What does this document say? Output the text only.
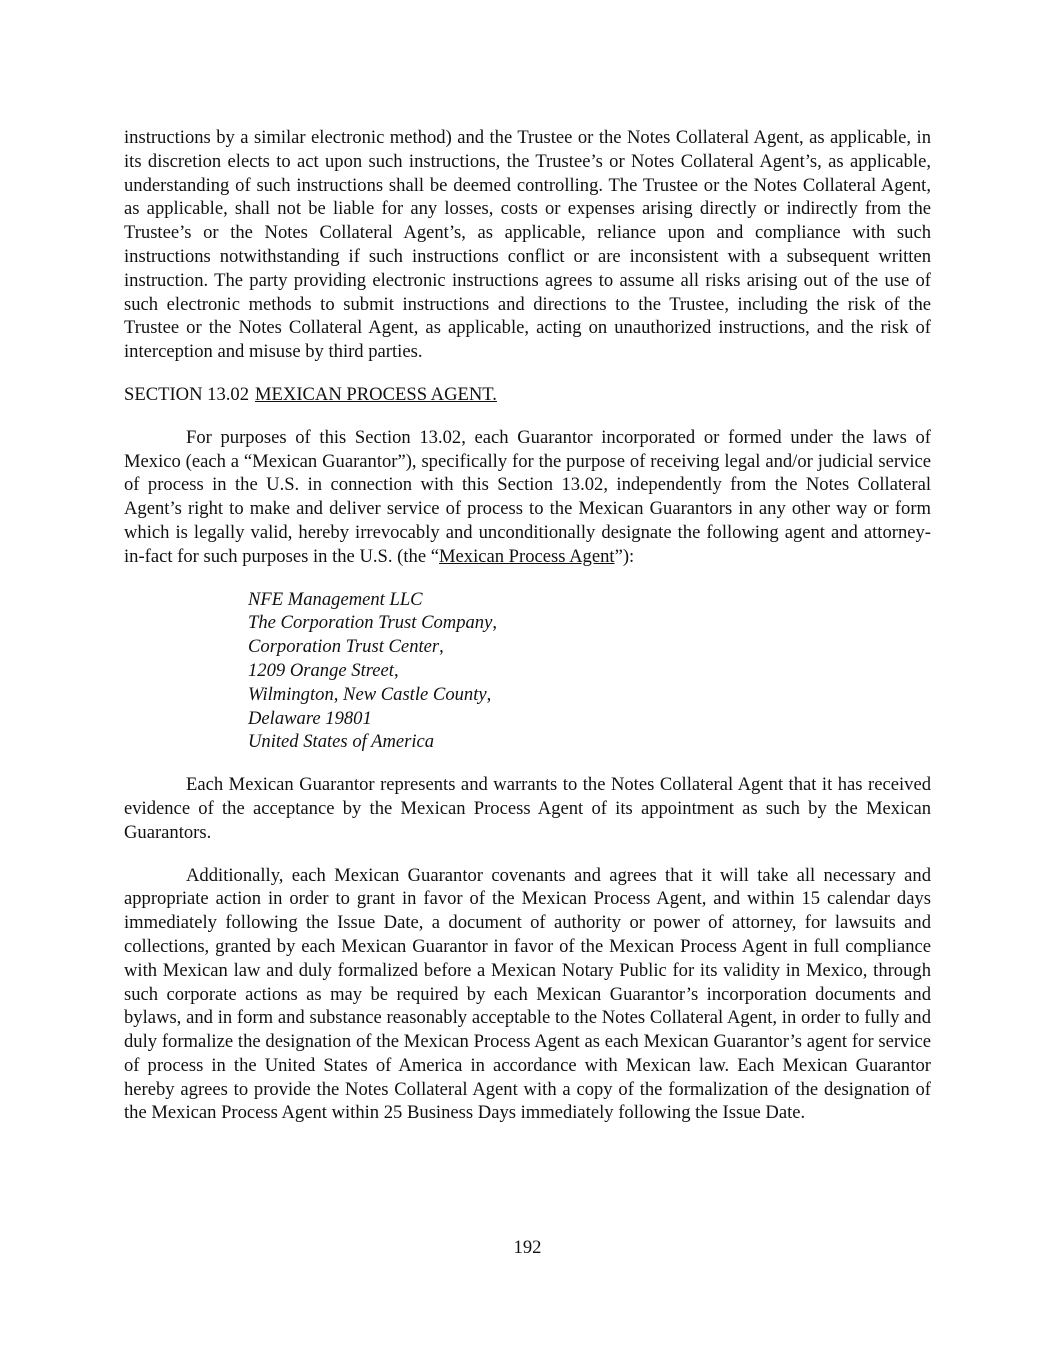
instructions by a similar electronic method) and the Trustee or the Notes Collateral Agent, as applicable, in its discretion elects to act upon such instructions, the Trustee’s or Notes Collateral Agent’s, as applicable, understanding of such instructions shall be deemed controlling. The Trustee or the Notes Collateral Agent, as applicable, shall not be liable for any losses, costs or expenses arising directly or indirectly from the Trustee’s or the Notes Collateral Agent’s, as applicable, reliance upon and compliance with such instructions notwithstanding if such instructions conflict or are inconsistent with a subsequent written instruction. The party providing electronic instructions agrees to assume all risks arising out of the use of such electronic methods to submit instructions and directions to the Trustee, including the risk of the Trustee or the Notes Collateral Agent, as applicable, acting on unauthorized instructions, and the risk of interception and misuse by third parties.

SECTION 13.02 MEXICAN PROCESS AGENT.

For purposes of this Section 13.02, each Guarantor incorporated or formed under the laws of Mexico (each a “Mexican Guarantor”), specifically for the purpose of receiving legal and/or judicial service of process in the U.S. in connection with this Section 13.02, independently from the Notes Collateral Agent’s right to make and deliver service of process to the Mexican Guarantors in any other way or form which is legally valid, hereby irrevocably and unconditionally designate the following agent and attorney-in-fact for such purposes in the U.S. (the “Mexican Process Agent”):

NFE Management LLC
The Corporation Trust Company,
Corporation Trust Center,
1209 Orange Street,
Wilmington, New Castle County,
Delaware 19801
United States of America

Each Mexican Guarantor represents and warrants to the Notes Collateral Agent that it has received evidence of the acceptance by the Mexican Process Agent of its appointment as such by the Mexican Guarantors.

Additionally, each Mexican Guarantor covenants and agrees that it will take all necessary and appropriate action in order to grant in favor of the Mexican Process Agent, and within 15 calendar days immediately following the Issue Date, a document of authority or power of attorney, for lawsuits and collections, granted by each Mexican Guarantor in favor of the Mexican Process Agent in full compliance with Mexican law and duly formalized before a Mexican Notary Public for its validity in Mexico, through such corporate actions as may be required by each Mexican Guarantor’s incorporation documents and bylaws, and in form and substance reasonably acceptable to the Notes Collateral Agent, in order to fully and duly formalize the designation of the Mexican Process Agent as each Mexican Guarantor’s agent for service of process in the United States of America in accordance with Mexican law. Each Mexican Guarantor hereby agrees to provide the Notes Collateral Agent with a copy of the formalization of the designation of the Mexican Process Agent within 25 Business Days immediately following the Issue Date.

192
